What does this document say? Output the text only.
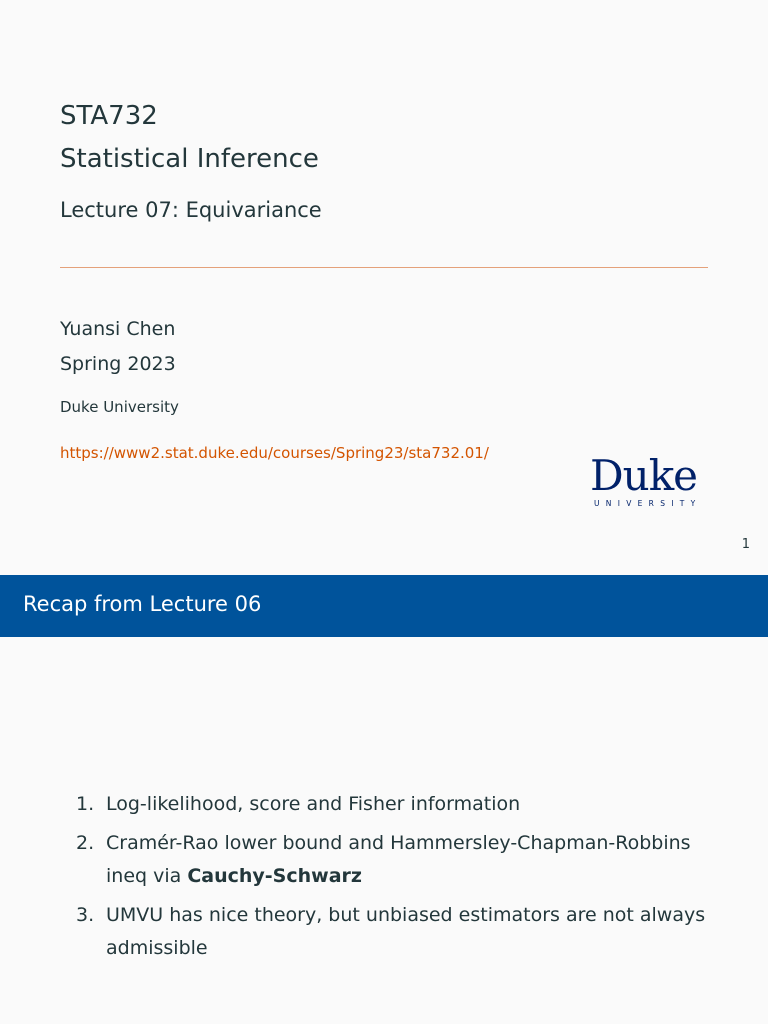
STA732
Statistical Inference
Lecture 07: Equivariance
Yuansi Chen
Spring 2023
Duke University
https://www2.stat.duke.edu/courses/Spring23/sta732.01/ Duke
UNIVERSITY
1
Recap from Lecture 06
1. Log-likelihood, score and Fisher information
2. Cramér-Rao lower bound and Hammersley-Chapman-Robbins ineq via Cauchy-Schwarz
3. UMVU has nice theory, but unbiased estimators are not always admissible
